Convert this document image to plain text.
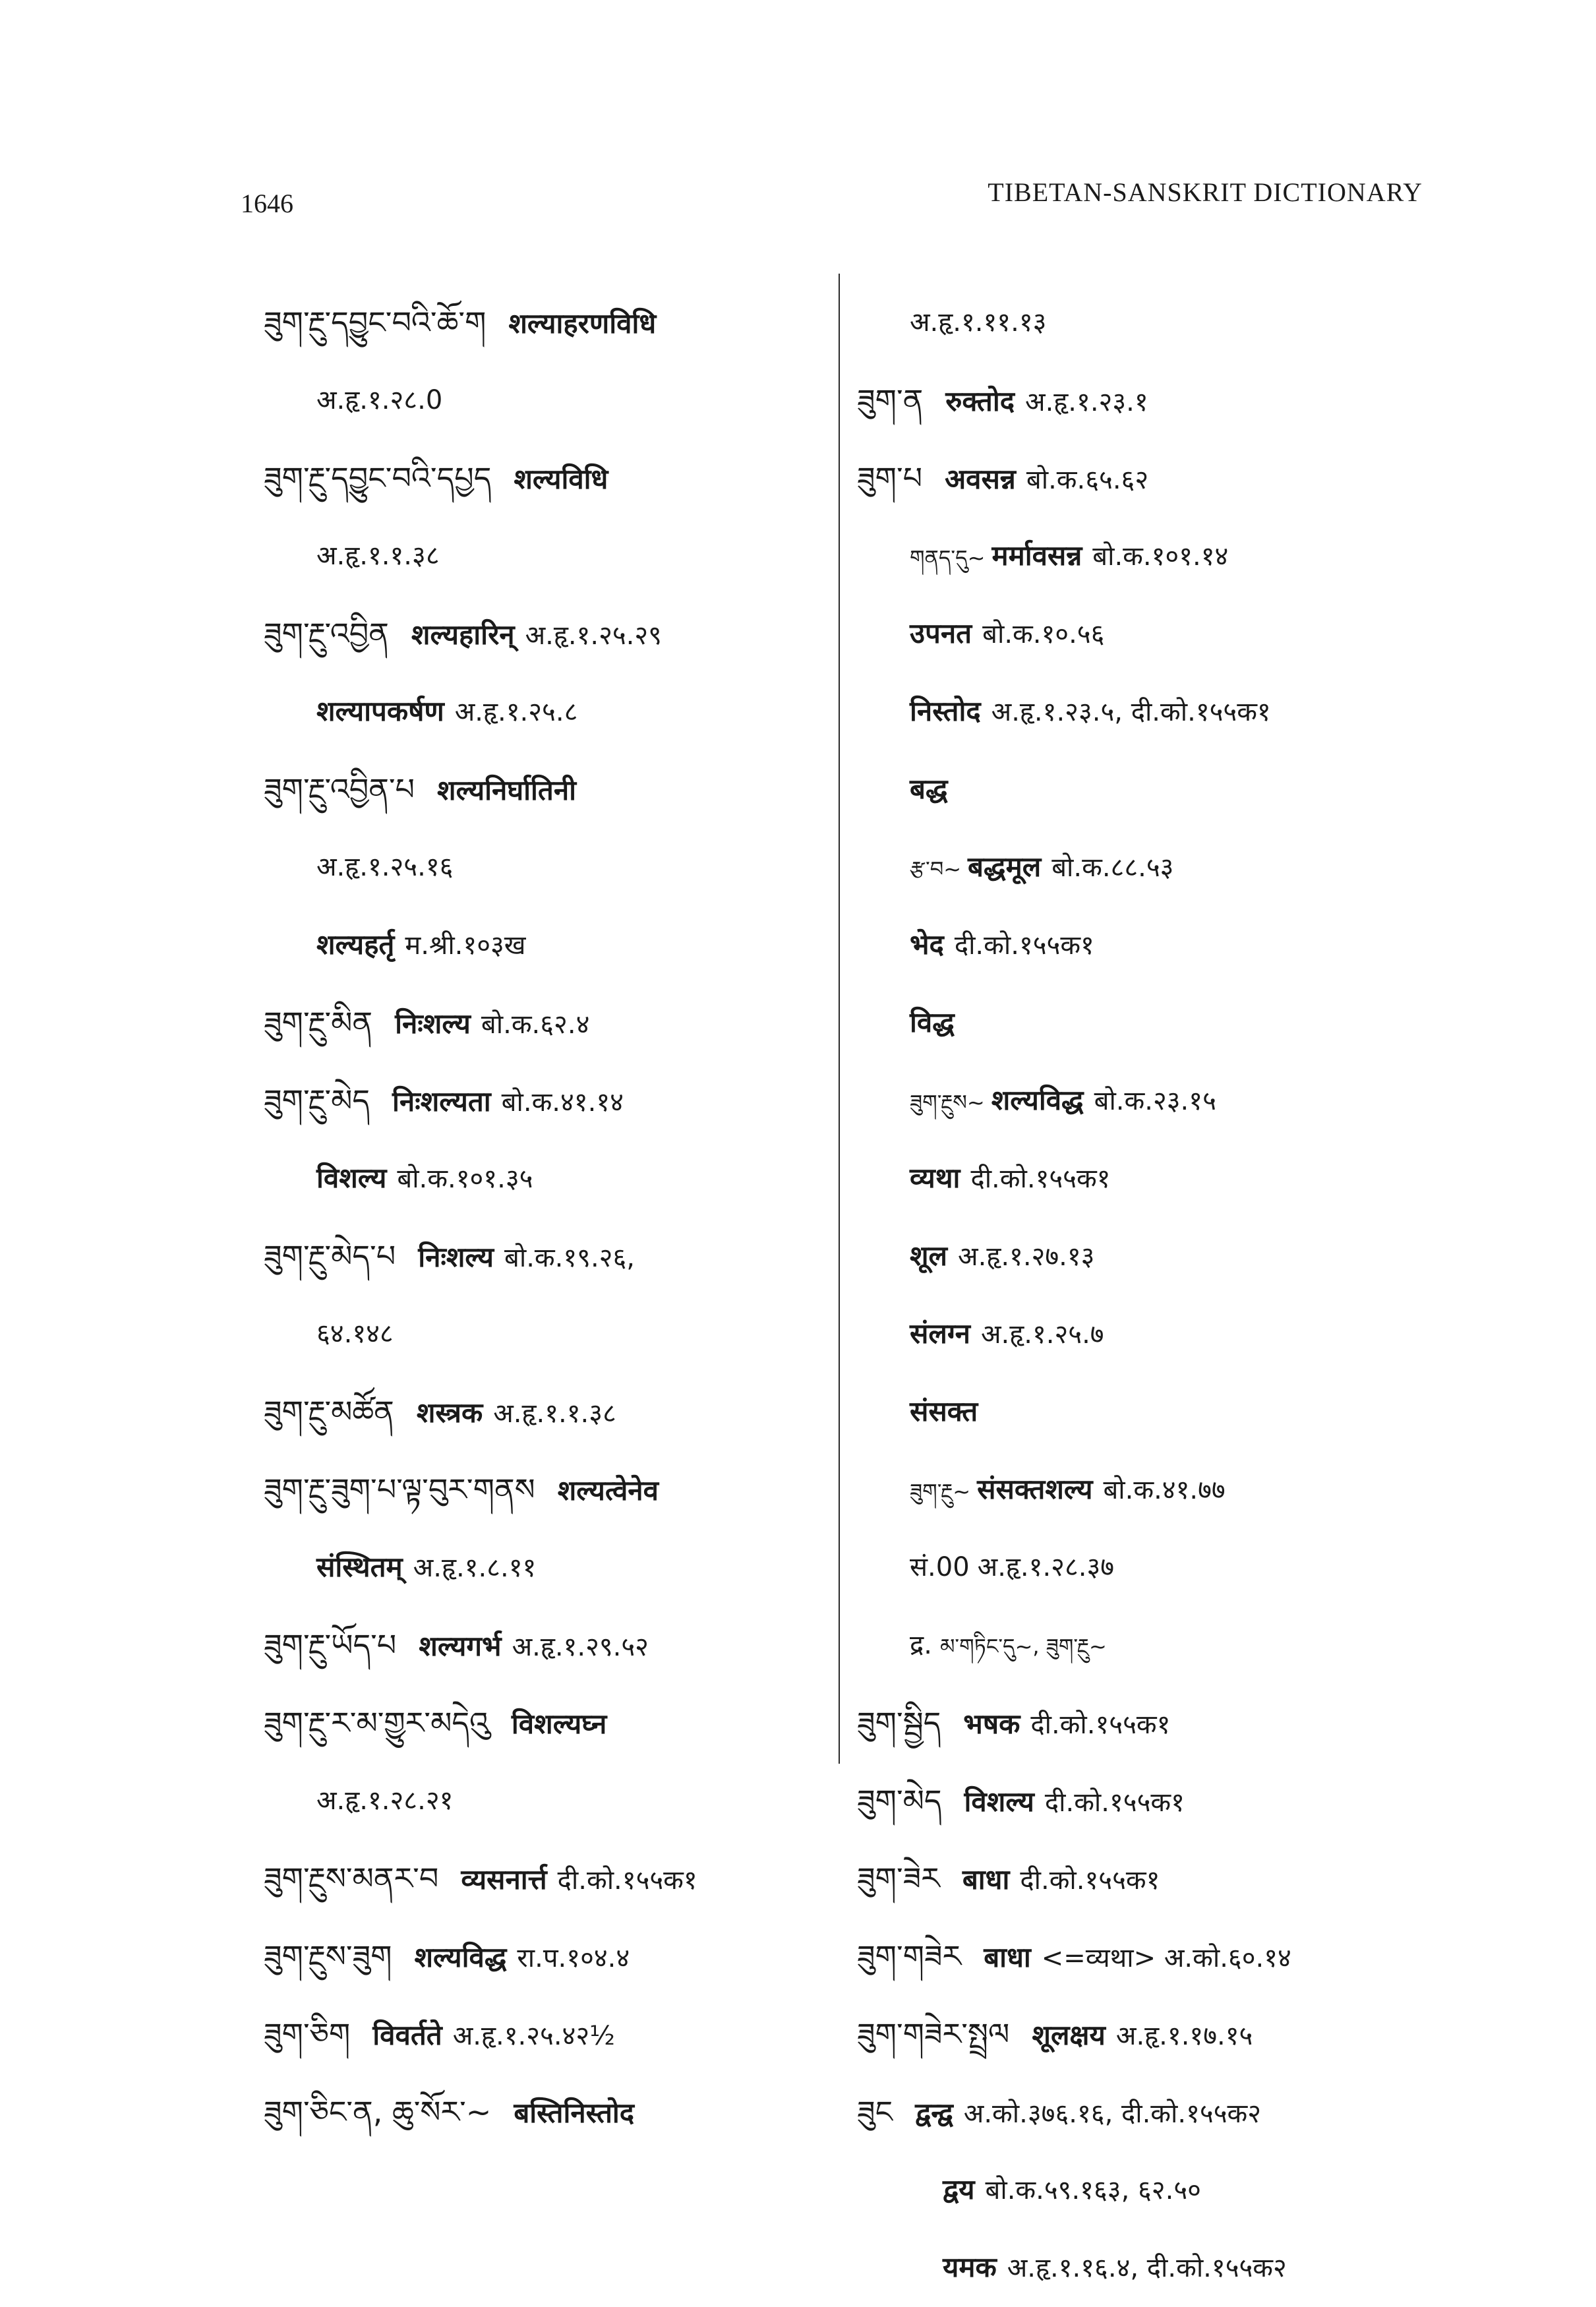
1646	TIBETAN-SANSKRIT DICTIONARY
ཟུག་རྔུ་དབྱུང་བའི་ཆོ་ག शल्याहरणविधि
अ.हृ.१.२८.0
ཟུག་རྔུ་དབྱུང་བའི་དཔྱད शल्यविधि
अ.हृ.१.१.३८
ཟུག་རྔུ་འབྱིན शल्यहारिन् अ.हृ.१.२५.२९
शल्यापकर्षण अ.हृ.१.२५.८
ཟུག་རྔུ་འབྱིན་པ शल्यनिर्घातिनी
अ.हृ.१.२५.१६
शल्यहर्तृ म.श्री.१०३ख
ཟུག་རྔུ་མིན निःशल्य बो.क.६२.४
ཟུག་རྔུ་མེད निःशल्यता बो.क.४१.१४
विशल्य बो.क.१०१.३५
ཟུག་རྔུ་མེད་པ निःशल्य बो.क.१९.२६,
६४.१४८
ཟུག་རྔུ་མཚོན शस्त्रक अ.हृ.१.१.३८
ཟུག་རྔུ་ཟུག་པ་ལྟ་བུར་གནས शल्यत्वेनेव
संस्थितम् अ.हृ.१.८.११
ཟུག་རྔུ་ཡོད་པ शल्यगर्भ अ.हृ.१.२९.५२
ཟུག་རྔུ་ར་མ་གྱུར་མདེའུ विशल्यघ्न
अ.हृ.१.२८.२१
ཟུག་རྔུས་མནར་བ व्यसनार्त्त दी.को.१५५क१
ཟུག་རྔུས་ཟུག शल्यविद्ध रा.प.१०४.४
ཟུག་ཅིག विवर्तते अ.हृ.१.२५.४२½
ཟུག་ཅིང་ན, ཆུ་སོར་~ बस्तिनिस्तोद
अ.हृ.१.११.१३
ཟུག་ན रुक्तोद अ.हृ.१.२३.१
ཟུག་པ अवसन्न बो.क.६५.६२
གནད་དུ~ मर्मावसन्न बो.क.१०१.१४
उपनत बो.क.१०.५६
निस्तोद अ.हृ.१.२३.५, दी.को.१५५क१
बद्ध
རྩ་བ~ बद्धमूल बो.क.८८.५३
भेद दी.को.१५५क१
विद्ध
ཟུག་རྔུས~ शल्यविद्ध बो.क.२३.१५
व्यथा दी.को.१५५क१
शूल अ.हृ.१.२७.१३
संलग्न अ.हृ.१.२५.७
संसक्त
ཟུག་རྔུ~ संसक्तशल्य बो.क.४१.७७
सं.00 अ.हृ.१.२८.३७
द्र. མ་གཏིང་དུ~, ཟུག་རྔུ~
ཟུག་སྦྱིད भषक दी.को.१५५क१
ཟུག་མེད विशल्य दी.को.१५५क१
ཟུག་ཟེར बाधा दी.को.१५५क१
ཟུག་གཟེར बाधा <=व्यथा> अ.को.६०.१४
ཟུག་གཟེར་སྤྲལ शूलक्षय अ.हृ.१.१७.१५
ཟུང द्वन्द्व अ.को.३७६.१६, दी.को.१५५क२
द्वय बो.क.५९.१६३, ६२.५०
यमक अ.हृ.१.१६.४, दी.को.१५५क२
